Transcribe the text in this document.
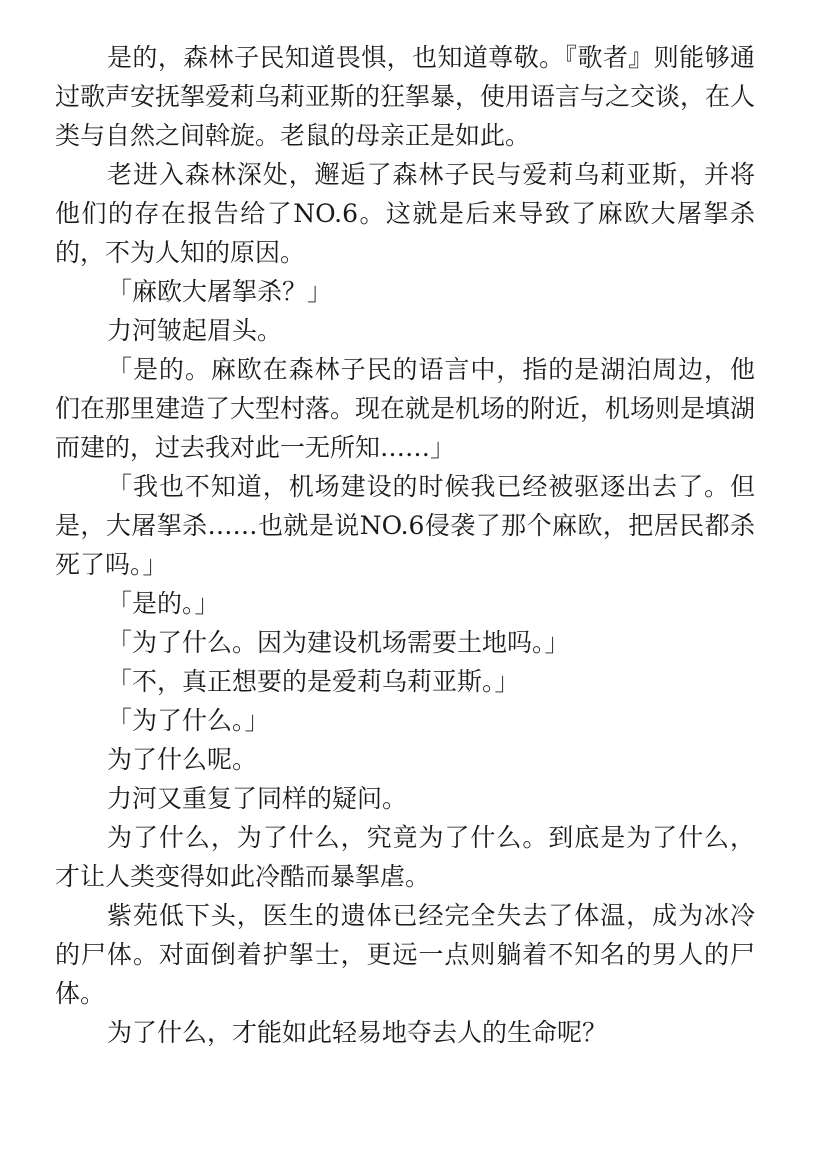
是的，森林子民知道畏惧，也知道尊敬。『歌者』则能够通过歌声安抚挐爱莉乌莉亚斯的狂挐暴，使用语言与之交谈，在人类与自然之间斡旋。老鼠的母亲正是如此。

老进入森林深处，邂逅了森林子民与爱莉乌莉亚斯，并将他们的存在报告给了NO.6。这就是后来导致了麻欧大屠挐杀的，不为人知的原因。

「麻欧大屠挐杀？」

力河皱起眉头。

「是的。麻欧在森林子民的语言中，指的是湖泊周边，他们在那里建造了大型村落。现在就是机场的附近，机场则是填湖而建的，过去我对此一无所知……」

「我也不知道，机场建设的时候我已经被驱逐出去了。但是，大屠挐杀……也就是说NO.6侵袭了那个麻欧，把居民都杀死了吗。」

「是的。」

「为了什么。因为建设机场需要土地吗。」

「不，真正想要的是爱莉乌莉亚斯。」

「为了什么。」

为了什么呢。

力河又重复了同样的疑问。

为了什么，为了什么，究竟为了什么。到底是为了什么，才让人类变得如此冷酷而暴挐虐。

紫苑低下头，医生的遗体已经完全失去了体温，成为冰冷的尸体。对面倒着护挐士，更远一点则躺着不知名的男人的尸体。

为了什么，才能如此轻易地夺去人的生命呢？
